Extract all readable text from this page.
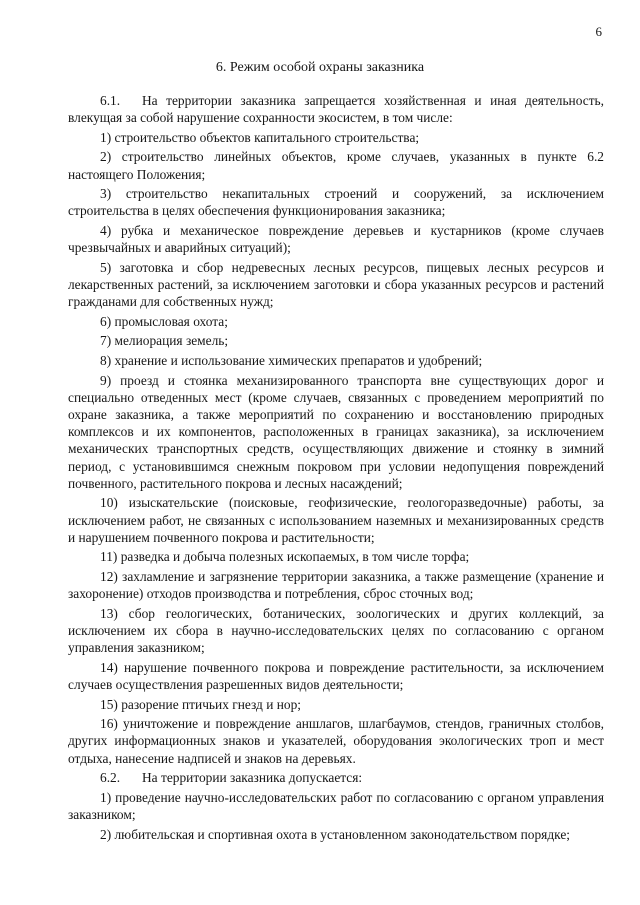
6
6. Режим особой охраны заказника

6.1. На территории заказника запрещается хозяйственная и иная деятельность, влекущая за собой нарушение сохранности экосистем, в том числе:

1) строительство объектов капитального строительства;

2) строительство линейных объектов, кроме случаев, указанных в пункте 6.2 настоящего Положения;

3) строительство некапитальных строений и сооружений, за исключением строительства в целях обеспечения функционирования заказника;

4) рубка и механическое повреждение деревьев и кустарников (кроме случаев чрезвычайных и аварийных ситуаций);

5) заготовка и сбор недревесных лесных ресурсов, пищевых лесных ресурсов и лекарственных растений, за исключением заготовки и сбора указанных ресурсов и растений гражданами для собственных нужд;

6) промысловая охота;

7) мелиорация земель;

8) хранение и использование химических препаратов и удобрений;

9) проезд и стоянка механизированного транспорта вне существующих дорог и специально отведенных мест (кроме случаев, связанных с проведением мероприятий по охране заказника, а также мероприятий по сохранению и восстановлению природных комплексов и их компонентов, расположенных в границах заказника), за исключением механических транспортных средств, осуществляющих движение и стоянку в зимний период, с установившимся снежным покровом при условии недопущения повреждений почвенного, растительного покрова и лесных насаждений;

10) изыскательские (поисковые, геофизические, геологоразведочные) работы, за исключением работ, не связанных с использованием наземных и механизированных средств и нарушением почвенного покрова и растительности;

11) разведка и добыча полезных ископаемых, в том числе торфа;

12) захламление и загрязнение территории заказника, а также размещение (хранение и захоронение) отходов производства и потребления, сброс сточных вод;

13) сбор геологических, ботанических, зоологических и других коллекций, за исключением их сбора в научно-исследовательских целях по согласованию с органом управления заказником;

14) нарушение почвенного покрова и повреждение растительности, за исключением случаев осуществления разрешенных видов деятельности;

15) разорение птичьих гнезд и нор;

16) уничтожение и повреждение аншлагов, шлагбаумов, стендов, граничных столбов, других информационных знаков и указателей, оборудования экологических троп и мест отдыха, нанесение надписей и знаков на деревьях.

6.2. На территории заказника допускается:

1) проведение научно-исследовательских работ по согласованию с органом управления заказником;

2) любительская и спортивная охота в установленном законодательством порядке;
